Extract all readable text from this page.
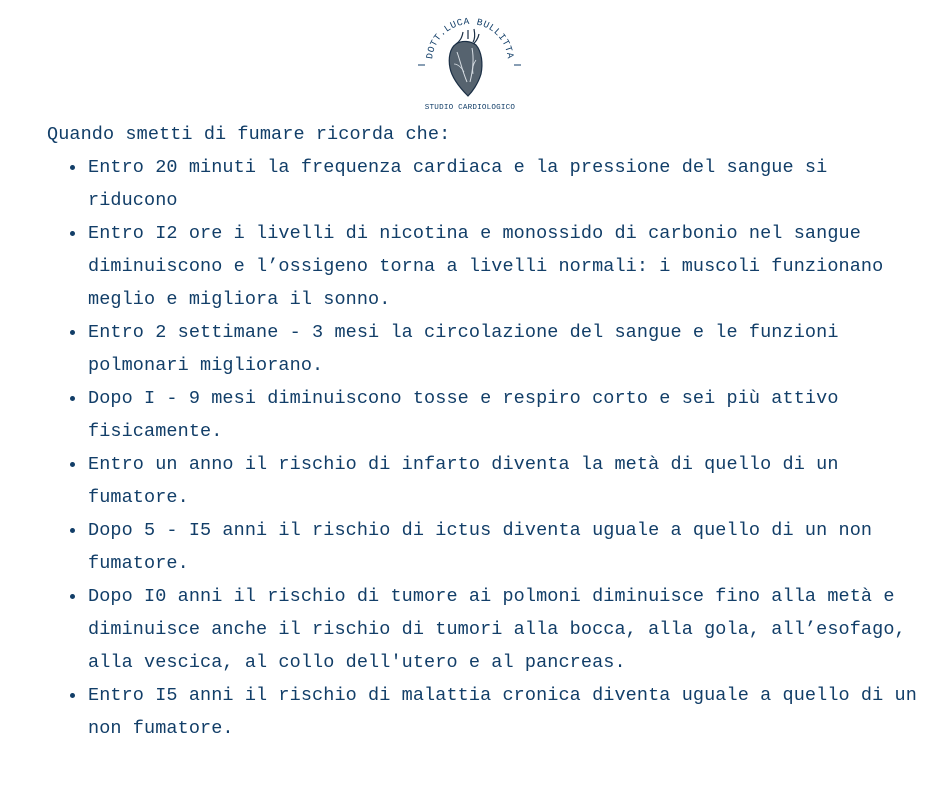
DOTT.LUCA BULLITTA
STUDIO CARDIOLOGICO

Quando smetti di fumare ricorda che:

Entro 20 minuti la frequenza cardiaca e la pressione del sangue si riducono
Entro I2 ore i livelli di nicotina e monossido di carbonio nel sangue diminuiscono e l’ossigeno torna a livelli normali: i muscoli funzionano meglio e migliora il sonno.
Entro 2 settimane - 3 mesi la circolazione del sangue e le funzioni polmonari migliorano.
Dopo I - 9 mesi diminuiscono tosse e respiro corto e sei più attivo fisicamente.
Entro un anno il rischio di infarto diventa la metà di quello di un fumatore.
Dopo 5 - I5 anni il rischio di ictus diventa uguale a quello di un non fumatore.
Dopo I0 anni il rischio di tumore ai polmoni diminuisce fino alla metà e diminuisce anche il rischio di tumori alla bocca, alla gola, all’esofago, alla vescica, al collo dell'utero e al pancreas.
Entro I5 anni il rischio di malattia cronica diventa uguale a quello di un non fumatore.
